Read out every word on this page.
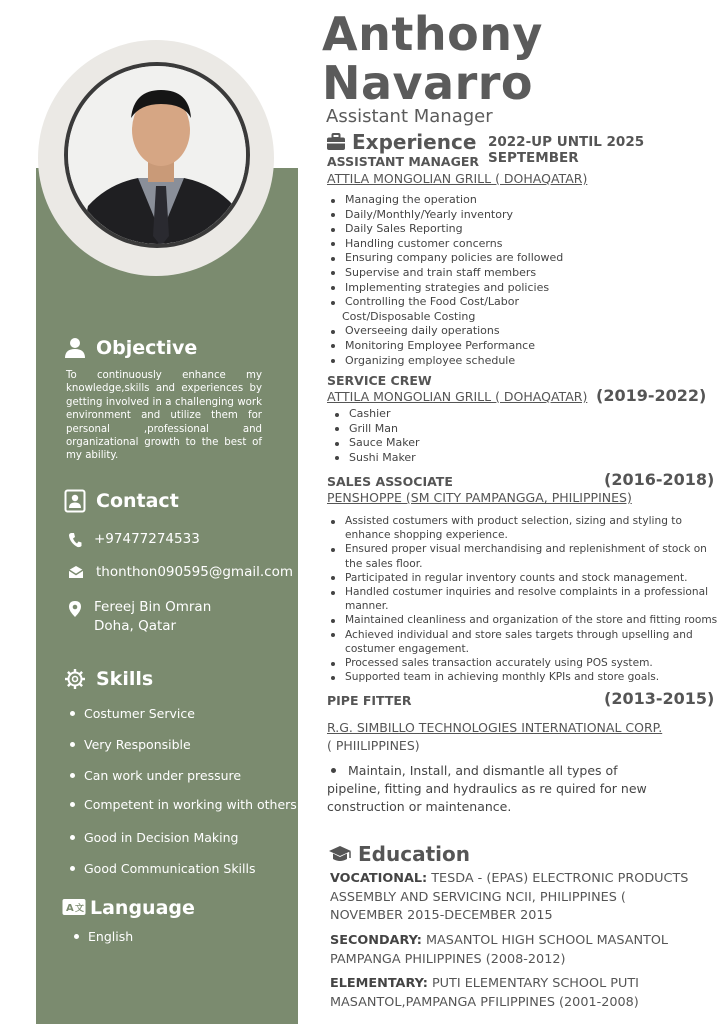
Objective
To continuously enhance my knowledge,skills and experiences by getting involved in a challenging work environment and utilize them for personal ,professional and organizational growth to the best of my ability.
Contact
+97477274533
thonthon090595@gmail.com
Fereej Bin Omran
Doha, Qatar
Skills
Costumer Service
Very Responsible
Can work under pressure
Competent in working with others
Good in Decision Making
Good Communication Skills
A 文 Language
English
Anthony
Navarro
Assistant Manager
Experience 2022-UP UNTIL 2025 SEPTEMBER
ASSISTANT MANAGER
ATTILA MONGOLIAN GRILL ( DOHAQATAR)
Managing the operation
Daily/Monthly/Yearly inventory
Daily Sales Reporting
Handling customer concerns
Ensuring company policies are followed
Supervise and train staff members
Implementing strategies and policies
Controlling the Food Cost/Labor
Cost/Disposable Costing
Overseeing daily operations
Monitoring Employee Performance
Organizing employee schedule
SERVICE CREW
ATTILA MONGOLIAN GRILL ( DOHAQATAR) (2019-2022)
Cashier
Grill Man
Sauce Maker
Sushi Maker
SALES ASSOCIATE	(2016-2018)
PENSHOPPE (SM CITY PAMPANGGA, PHILIPPINES)
Assisted costumers with product selection, sizing and styling to enhance shopping experience.
Ensured proper visual merchandising and replenishment of stock on the sales floor.
Participated in regular inventory counts and stock management.
Handled costumer inquiries and resolve complaints in a professional manner.
Maintained cleanliness and organization of the store and fitting rooms
Achieved individual and store sales targets through upselling and costumer engagement.
Processed sales transaction accurately using POS system.
Supported team in achieving monthly KPIs and store goals.
PIPE FITTER	(2013-2015)
R.G. SIMBILLO TECHNOLOGIES INTERNATIONAL CORP.
( PHIILIPPINES)
Maintain, Install, and dismantle all types of pipeline, fitting and hydraulics as re quired for new construction or maintenance.
Education
VOCATIONAL: TESDA - (EPAS) ELECTRONIC PRODUCTS ASSEMBLY AND SERVICING NCII, PHILIPPINES ( NOVEMBER 2015-DECEMBER 2015
SECONDARY: MASANTOL HIGH SCHOOL MASANTOL PAMPANGA PHILIPPINES (2008-2012)
ELEMENTARY: PUTI ELEMENTARY SCHOOL PUTI MASANTOL,PAMPANGA PFILIPPINES (2001-2008)
